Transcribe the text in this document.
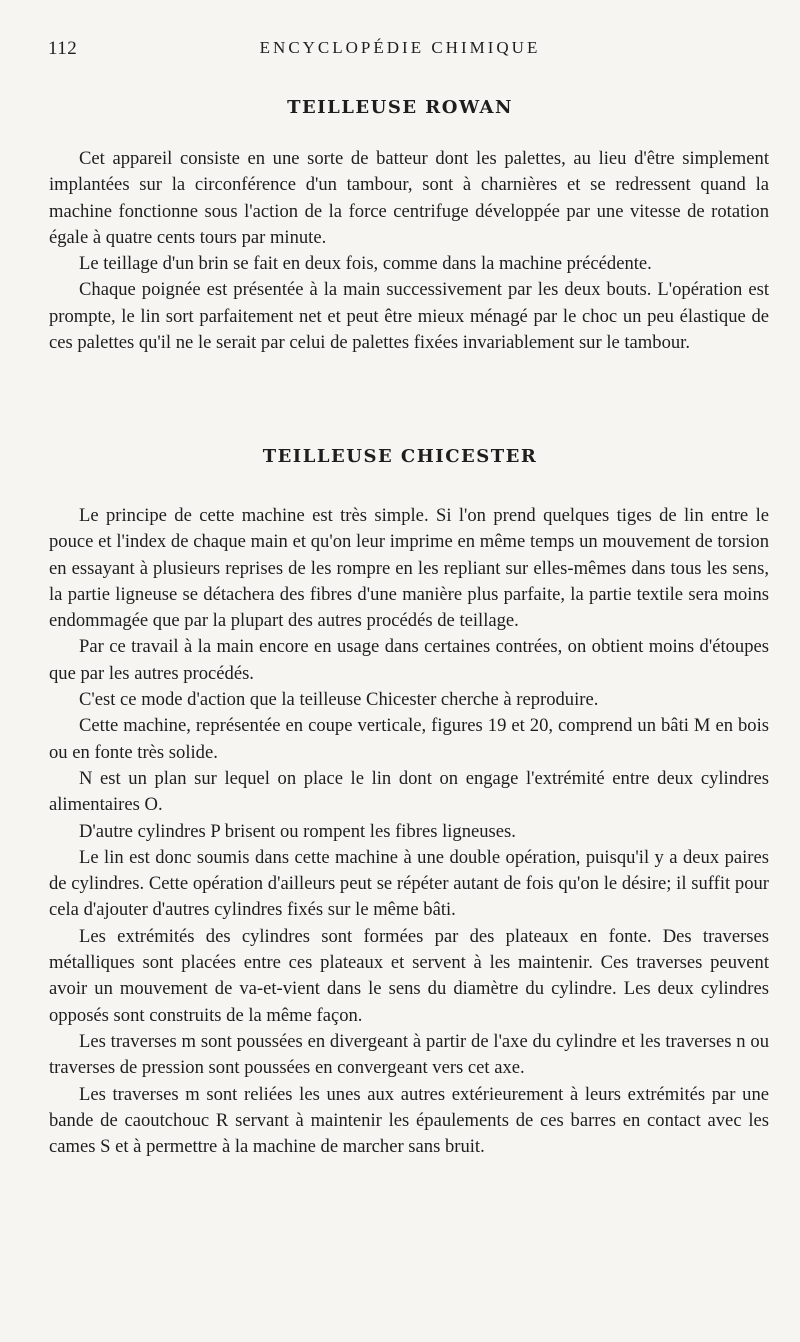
112	ENCYCLOPÉDIE CHIMIQUE
TEILLEUSE ROWAN

Cet appareil consiste en une sorte de batteur dont les palettes, au lieu d'être simplement implantées sur la circonférence d'un tambour, sont à charnières et se redressent quand la machine fonctionne sous l'action de la force centrifuge développée par une vitesse de rotation égale à quatre cents tours par minute.

Le teillage d'un brin se fait en deux fois, comme dans la machine précédente.

Chaque poignée est présentée à la main successivement par les deux bouts. L'opération est prompte, le lin sort parfaitement net et peut être mieux ménagé par le choc un peu élastique de ces palettes qu'il ne le serait par celui de palettes fixées invariablement sur le tambour.

TEILLEUSE CHICESTER

Le principe de cette machine est très simple. Si l'on prend quelques tiges de lin entre le pouce et l'index de chaque main et qu'on leur imprime en même temps un mouvement de torsion en essayant à plusieurs reprises de les rompre en les repliant sur elles-mêmes dans tous les sens, la partie ligneuse se détachera des fibres d'une manière plus parfaite, la partie textile sera moins endommagée que par la plupart des autres procédés de teillage.

Par ce travail à la main encore en usage dans certaines contrées, on obtient moins d'étoupes que par les autres procédés.

C'est ce mode d'action que la teilleuse Chicester cherche à reproduire.

Cette machine, représentée en coupe verticale, figures 19 et 20, comprend un bâti M en bois ou en fonte très solide.

N est un plan sur lequel on place le lin dont on engage l'extrémité entre deux cylindres alimentaires O.

D'autre cylindres P brisent ou rompent les fibres ligneuses.

Le lin est donc soumis dans cette machine à une double opération, puisqu'il y a deux paires de cylindres. Cette opération d'ailleurs peut se répéter autant de fois qu'on le désire; il suffit pour cela d'ajouter d'autres cylindres fixés sur le même bâti.

Les extrémités des cylindres sont formées par des plateaux en fonte. Des traverses métalliques sont placées entre ces plateaux et servent à les maintenir. Ces traverses peuvent avoir un mouvement de va-et-vient dans le sens du diamètre du cylindre. Les deux cylindres opposés sont construits de la même façon.

Les traverses m sont poussées en divergeant à partir de l'axe du cylindre et les traverses n ou traverses de pression sont poussées en convergeant vers cet axe.

Les traverses m sont reliées les unes aux autres extérieurement à leurs extrémités par une bande de caoutchouc R servant à maintenir les épaulements de ces barres en contact avec les cames S et à permettre à la machine de marcher sans bruit.
